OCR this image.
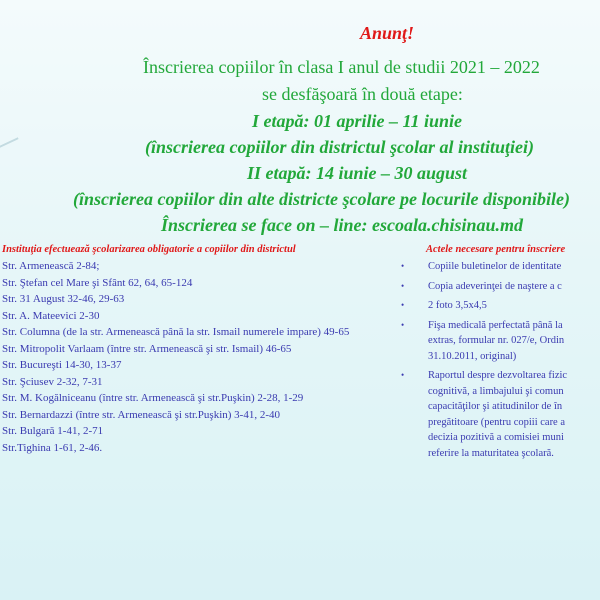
Anunţ!

Înscrierea copiilor în clasa I anul de studii 2021 – 2022

se desfăşoară în două etape:

I etapă: 01 aprilie – 11 iunie

(înscrierea copiilor din districtul şcolar al instituţiei)

II etapă: 14 iunie – 30 august

(înscrierea copiilor din alte districte şcolare pe locurile disponibile)

Înscrierea se face on – line: escoala.chisinau.md

Instituţia efectuează şcolarizarea obligatorie a copiilor din districtul

Str. Armenească 2-84;
Str. Ştefan cel Mare şi Sfânt 62, 64, 65-124
Str. 31 August 32-46, 29-63
Str. A. Mateevici 2-30
Str. Columna (de la str. Armenească până la str. Ismail numerele impare) 49-65
Str. Mitropolit Varlaam (între str. Armenească şi str. Ismail) 46-65
Str. Bucureşti 14-30, 13-37
Str. Şciusev 2-32, 7-31
Str. M. Kogălniceanu (între str. Armenească şi str.Puşkin) 2-28, 1-29
Str. Bernardazzi (între str. Armenească şi str.Puşkin) 3-41, 2-40
Str. Bulgară 1-41, 2-71
Str.Tighina 1-61, 2-46.

Actele necesare pentru înscriere

• Copiile buletinelor de identitate
• Copia adeverinţei de naştere a c
• 2 foto 3,5x4,5
• Fişa medicală perfectată până la
extras, formular nr. 027/e, Ordin
31.10.2011, original)
• Raportul despre dezvoltarea fizic
cognitivă, a limbajului şi comun
capacităţilor şi atitudinilor de în
pregătitoare (pentru copiii care a
decizia pozitivă a comisiei muni
referire la maturitatea şcolară.
